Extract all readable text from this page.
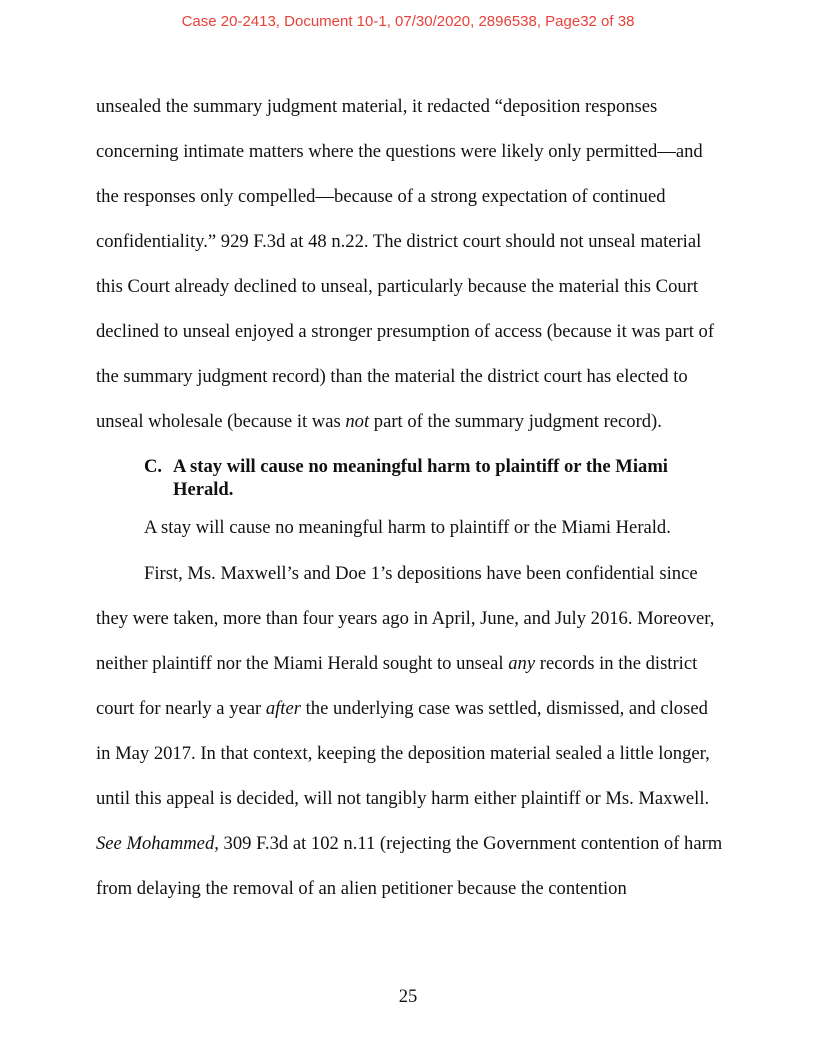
Case 20-2413, Document 10-1, 07/30/2020, 2896538, Page32 of 38
unsealed the summary judgment material, it redacted “deposition responses
concerning intimate matters where the questions were likely only permitted—and
the responses only compelled—because of a strong expectation of continued
confidentiality.” 929 F.3d at 48 n.22. The district court should not unseal material
this Court already declined to unseal, particularly because the material this Court
declined to unseal enjoyed a stronger presumption of access (because it was part of
the summary judgment record) than the material the district court has elected to
unseal wholesale (because it was not part of the summary judgment record).
C. A stay will cause no meaningful harm to plaintiff or the Miami
Herald.
A stay will cause no meaningful harm to plaintiff or the Miami Herald.
First, Ms. Maxwell’s and Doe 1’s depositions have been confidential since
they were taken, more than four years ago in April, June, and July 2016. Moreover,
neither plaintiff nor the Miami Herald sought to unseal any records in the district
court for nearly a year after the underlying case was settled, dismissed, and closed
in May 2017. In that context, keeping the deposition material sealed a little longer,
until this appeal is decided, will not tangibly harm either plaintiff or Ms. Maxwell.
See Mohammed, 309 F.3d at 102 n.11 (rejecting the Government contention of harm
from delaying the removal of an alien petitioner because the contention
25
